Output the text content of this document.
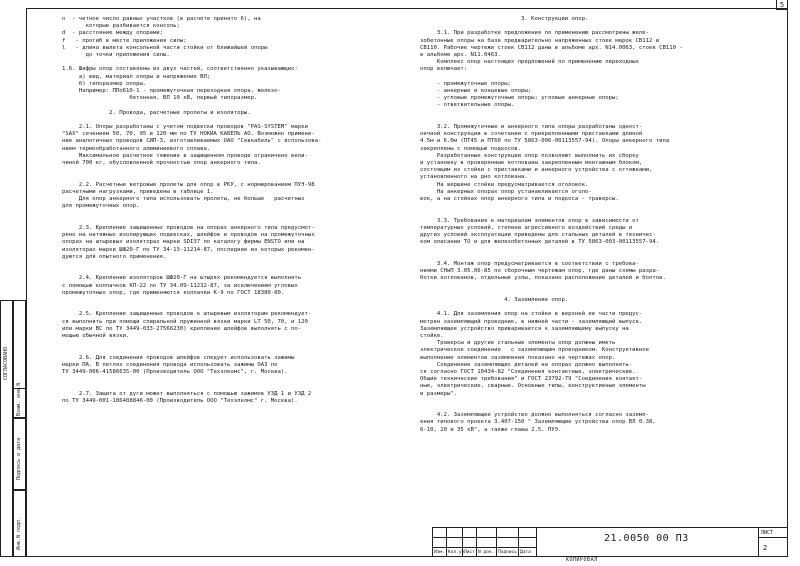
5

n  - четное число равных участков (в расчете принято 6), на

которые разбивается консоль;

d  - расстояние между опорами;

f   - прогиб в месте приложения силы;

l   - длина вылета консольной части стойки от ближайшей опоры

до точки приложения силы.

1.6. Шифры опор составлены из двух частей, соответственно указывающих:

а) вид, материал опоры и напряжение ВЛ;

б) типоразмер опоры.

Например: ППо610-1 - промежуточная переходная опора, железо-

бетонная, ВЛ 10 кВ, первый типоразмер.

2. Провода, расчетные пролеты и изоляторы.

2.1. Опоры разработаны с учетом подвески проводов "PAS-SYSTEM" марки

"SAX" сечением 50, 70, 95 и 120 мм по ТУ НОКИА КАБЕЛЬ АО. Возможно примене-

ние аналогичных проводов СИП-3, изготавливаемых ОАО "Севкабель" с использова-

нием термообработанного алюминиевого сплава.

Максимальное расчетное тяжение в защищенном проводе ограничено вели-

чиной 700 кг, обусловленной прочностью опор анкерного типа.

2.2. Расчетные ветровые пролеты для опор в РКУ, с нормированием ПУЭ-98

расчетными нагрузками, приведены в таблице 1.

Для опор анкерного типа использовать пролеты, не больше   расчетных

для промежуточных опор.

2.3. Крепление защищенных проводов на опорах анкерного типа предусмот-

рено на натяжных изолирующих подвесках, шлейфов и проводов на промежуточных

опорах на штыревых изоляторах марки SDI37 по каталогу фирмы ENSTO или на

изоляторах марки ШФ20-Г по ТУ 34-13-11214-87, последние из которых рекомен-

дуются для опытного применения.

2.4. Крепление изоляторов ШФ20-Г на штырях рекомендуется выполнять

с помощью колпачков КП-22 по ТУ 34.09-11232-87, за исключением угловых

промежуточных опор, где применяются колпачки К-9 по ГОСТ 18380-80.

2.5. Крепление защищенных проводов к штыревым изоляторам рекомендует-

ся выполнять при помощи спиральной пружинной вязки марки LT 50, 70, и 120

или марки ВС по ТУ 3449-033-27566230) крепление шлейфов выполнять с по-

мощью обычной вязки.

2.6. Для соединения проводов шлейфов следует использовать зажимы

марки ПА. В петлях соединения провода использовать зажимы ОАЗ по

ТУ 3449-006-41586635-00 (Производитель ООО "Техэлкомс", г. Москва).

2.7. Защита от дуги может выполняться с помощью зажимов УЗД 1 и УЗД 2

по ТУ 3449-001-186408846-00 (Производитель ООО "Техэлкомс" г. Москва).

3. Конструкции опор.

3.1. При разработке предложения по применению рассмотрены желе-

зобетонные опоры на базе предварительно напряженных стоек марок СВ112 и

СВ110. Рабочие чертежи стоек СВ112 даны в альбоме арх. N14.0063, стоек СВ110 -

в альбоме арх. N11.0463.

Комплекс опор настоящих предложений по применению переходных

опор включает:

- промежуточные опоры;

- анкерные и концевые опоры;

- угловые промежуточные опоры; угловые анкерные опоры;

- ответвительные опоры.

3.2. Промежуточные и анкерного типа опоры разработаны одност-

оечной конструкции в сочетании с прикрепленными приставками длиной

4.5м и 6.0м (ПТ45 и ПТ60 по ТУ 5863-006-00113557-94). Опоры анкерного типа

закреплены с помощью подкосов.

Разработанные конструкции опор позволяют выполнить их сборку

и установку в проверенные котлованы закрепленным монтажным блоком,

состоящим из стойки с приставками и анкерного устройства с оттяжками,

установленного на дно котлована.

На вершине стойки предусматривается оголовок.

На анкерных опорах опор устанавливается оголо-

вок, а на стойках опор анкерного типа и подкоса - траверсы.

3.3. Требования к материалам элементов опор в зависимости от

температурных условий, степени агрессивного воздействий среды и

других условий эксплуатации приведены для стальных деталей в техничес-

ком описании ТО и для железобетонных деталей в ТУ 5863-003-00113557-94.

3.4. Монтаж опор предусматривается в соответствии с требова-

ниями СНиП 3.05.06-85 по сборочным чертежам опор, где даны схемы разра-

ботки котлованов, отдельные узлы, показано расположение деталей и болтов.

4. Заземление опор.

4.1. Для заземления опор на стойке в верхней ее части предус-

мотрен заземляющий проводник, в нижней части - заземляющий выпуск.

Заземляющее устройство приваривается к заземляющему выпуску на

стойке.

Траверсы и другие стальные элементы опор должны иметь

электрическое соединение   с заземляющим проводником. Конструктивное

выполнение элементов заземления показано на чертежах опор.

Соединение заземляющих деталей на опорах должно выполнять-

ся согласно ГОСТ 10434-82 "Соединения контактные, электрические.

Общие технические требования" и ГОСТ 23792-79 "Соединения контакт-

ные, электрические, сварные. Основные типы, конструктивные элементы

и размеры".

4.2. Заземляющее устройство должно выполняться согласно заземл-

ения типового проекта 3.407-150 " Заземляющие устройства опор ВЛ 0.38,

6-10, 20 и 35 кВ", а также главы 2.5. ПУЭ.

СОГЛАСОВАНО
Взам. инв.N
Подпись и дата
Инв.N подл.
Изм. Кол.уч Лист N док. Подпись Дата
21.0050 00 ПЗ	ЛИСТ
2
КОПИРОВАЛ
